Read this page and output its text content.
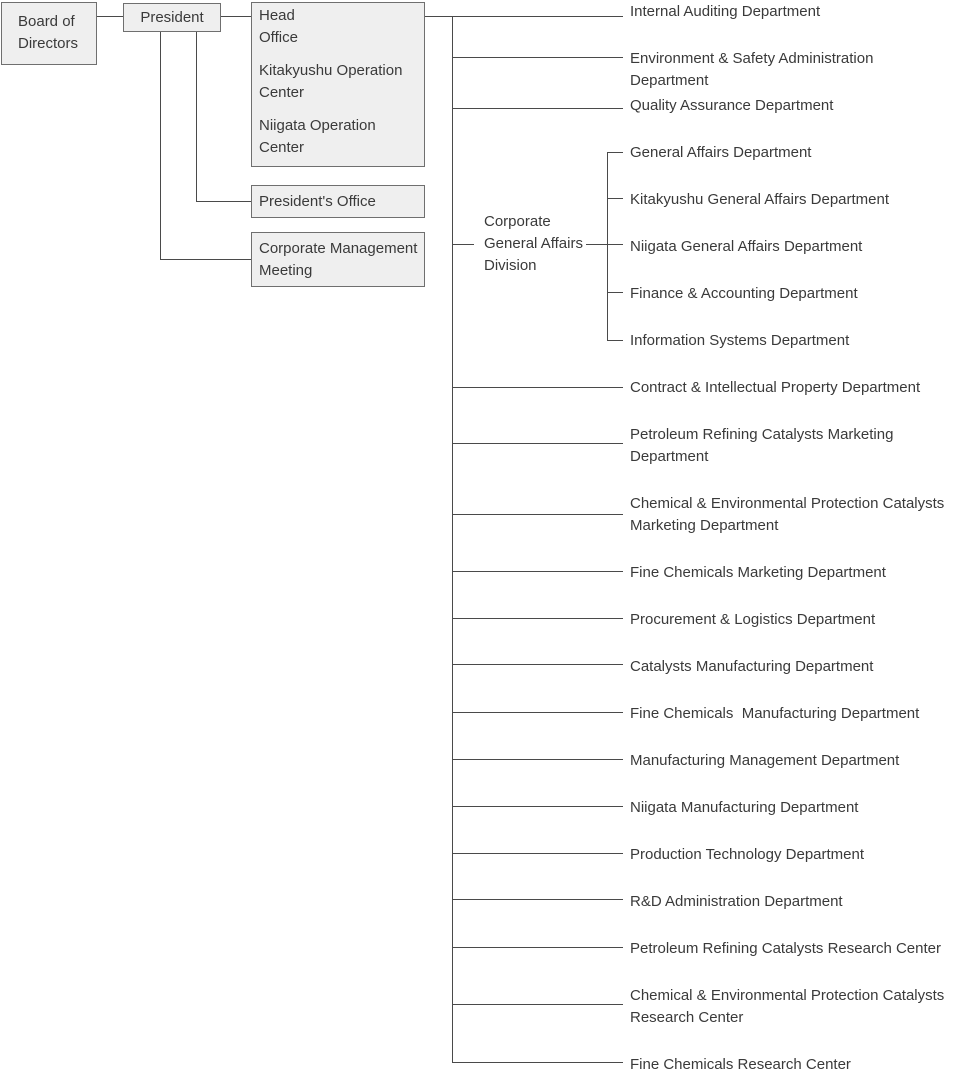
Board of Directors
President	Head Office
Kitakyushu Operation Center
Niigata Operation Center
President's Office
Corporate Management Meeting
Corporate General Affairs Division
Internal Auditing Department
Environment & Safety Administration Department
Quality Assurance Department
General Affairs Department
Kitakyushu General Affairs Department
Niigata General Affairs Department
Finance & Accounting Department
Information Systems Department
Contract & Intellectual Property Department
Petroleum Refining Catalysts Marketing Department
Chemical & Environmental Protection Catalysts Marketing Department
Fine Chemicals Marketing Department
Procurement & Logistics Department
Catalysts Manufacturing Department
Fine Chemicals  Manufacturing Department
Manufacturing Management Department
Niigata Manufacturing Department
Production Technology Department
R&D Administration Department
Petroleum Refining Catalysts Research Center
Chemical & Environmental Protection Catalysts Research Center
Fine Chemicals Research Center
